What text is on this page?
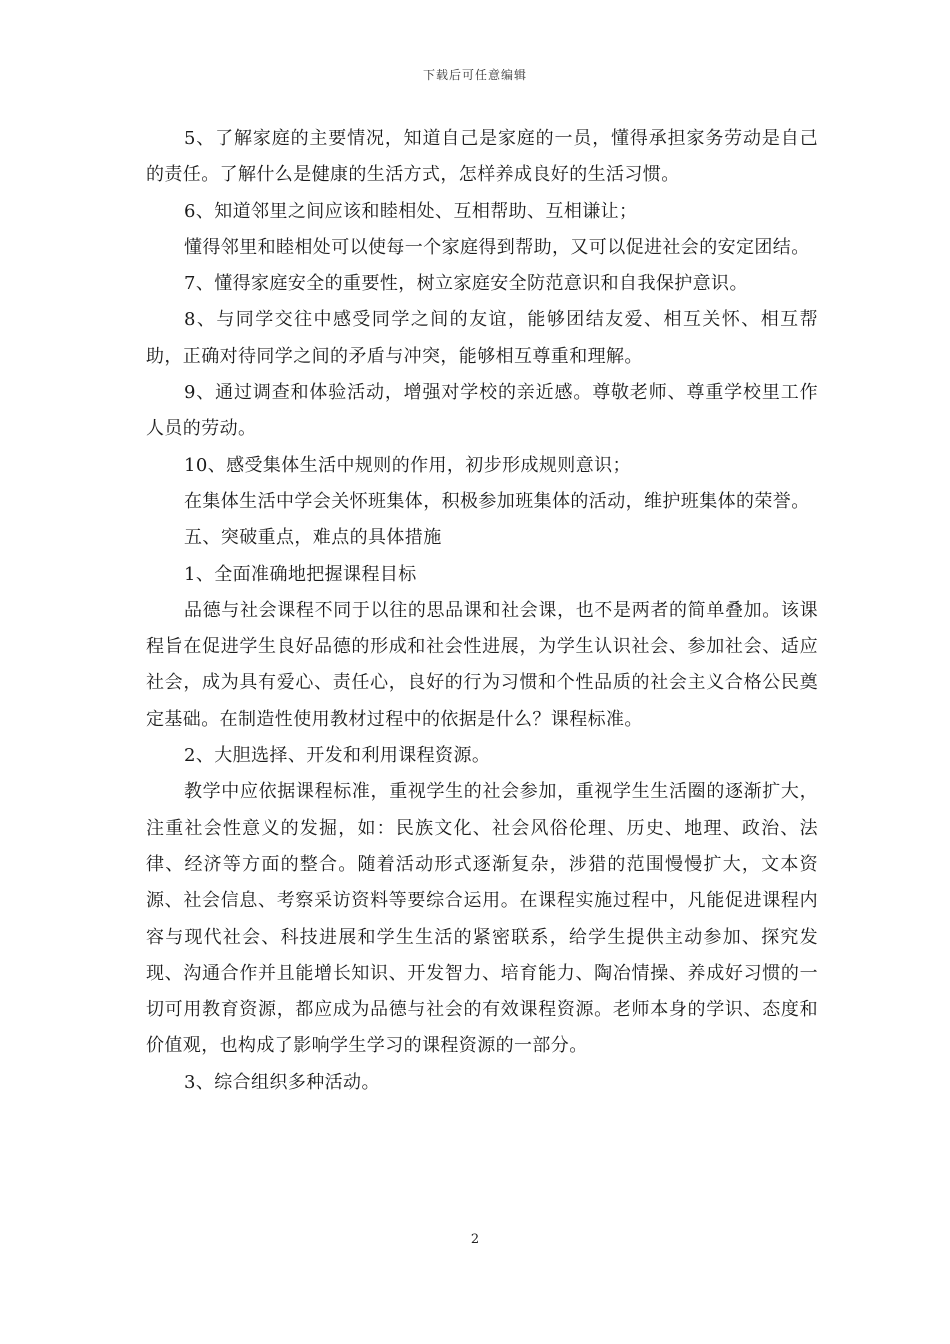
下载后可任意编辑

5、了解家庭的主要情况，知道自己是家庭的一员，懂得承担家务劳动是自己的责任。了解什么是健康的生活方式，怎样养成良好的生活习惯。

6、知道邻里之间应该和睦相处、互相帮助、互相谦让；

懂得邻里和睦相处可以使每一个家庭得到帮助，又可以促进社会的安定团结。

7、懂得家庭安全的重要性，树立家庭安全防范意识和自我保护意识。

8、与同学交往中感受同学之间的友谊，能够团结友爱、相互关怀、相互帮助，正确对待同学之间的矛盾与冲突，能够相互尊重和理解。

9、通过调查和体验活动，增强对学校的亲近感。尊敬老师、尊重学校里工作人员的劳动。

10、感受集体生活中规则的作用，初步形成规则意识；

在集体生活中学会关怀班集体，积极参加班集体的活动，维护班集体的荣誉。

五、突破重点，难点的具体措施

1、全面准确地把握课程目标

品德与社会课程不同于以往的思品课和社会课，也不是两者的简单叠加。该课程旨在促进学生良好品德的形成和社会性进展，为学生认识社会、参加社会、适应社会，成为具有爱心、责任心，良好的行为习惯和个性品质的社会主义合格公民奠定基础。在制造性使用教材过程中的依据是什么？课程标准。

2、大胆选择、开发和利用课程资源。

教学中应依据课程标准，重视学生的社会参加，重视学生生活圈的逐渐扩大，注重社会性意义的发掘，如：民族文化、社会风俗伦理、历史、地理、政治、法律、经济等方面的整合。随着活动形式逐渐复杂，涉猎的范围慢慢扩大，文本资源、社会信息、考察采访资料等要综合运用。在课程实施过程中，凡能促进课程内容与现代社会、科技进展和学生生活的紧密联系，给学生提供主动参加、探究发现、沟通合作并且能增长知识、开发智力、培育能力、陶冶情操、养成好习惯的一切可用教育资源，都应成为品德与社会的有效课程资源。老师本身的学识、态度和价值观，也构成了影响学生学习的课程资源的一部分。

3、综合组织多种活动。

2
